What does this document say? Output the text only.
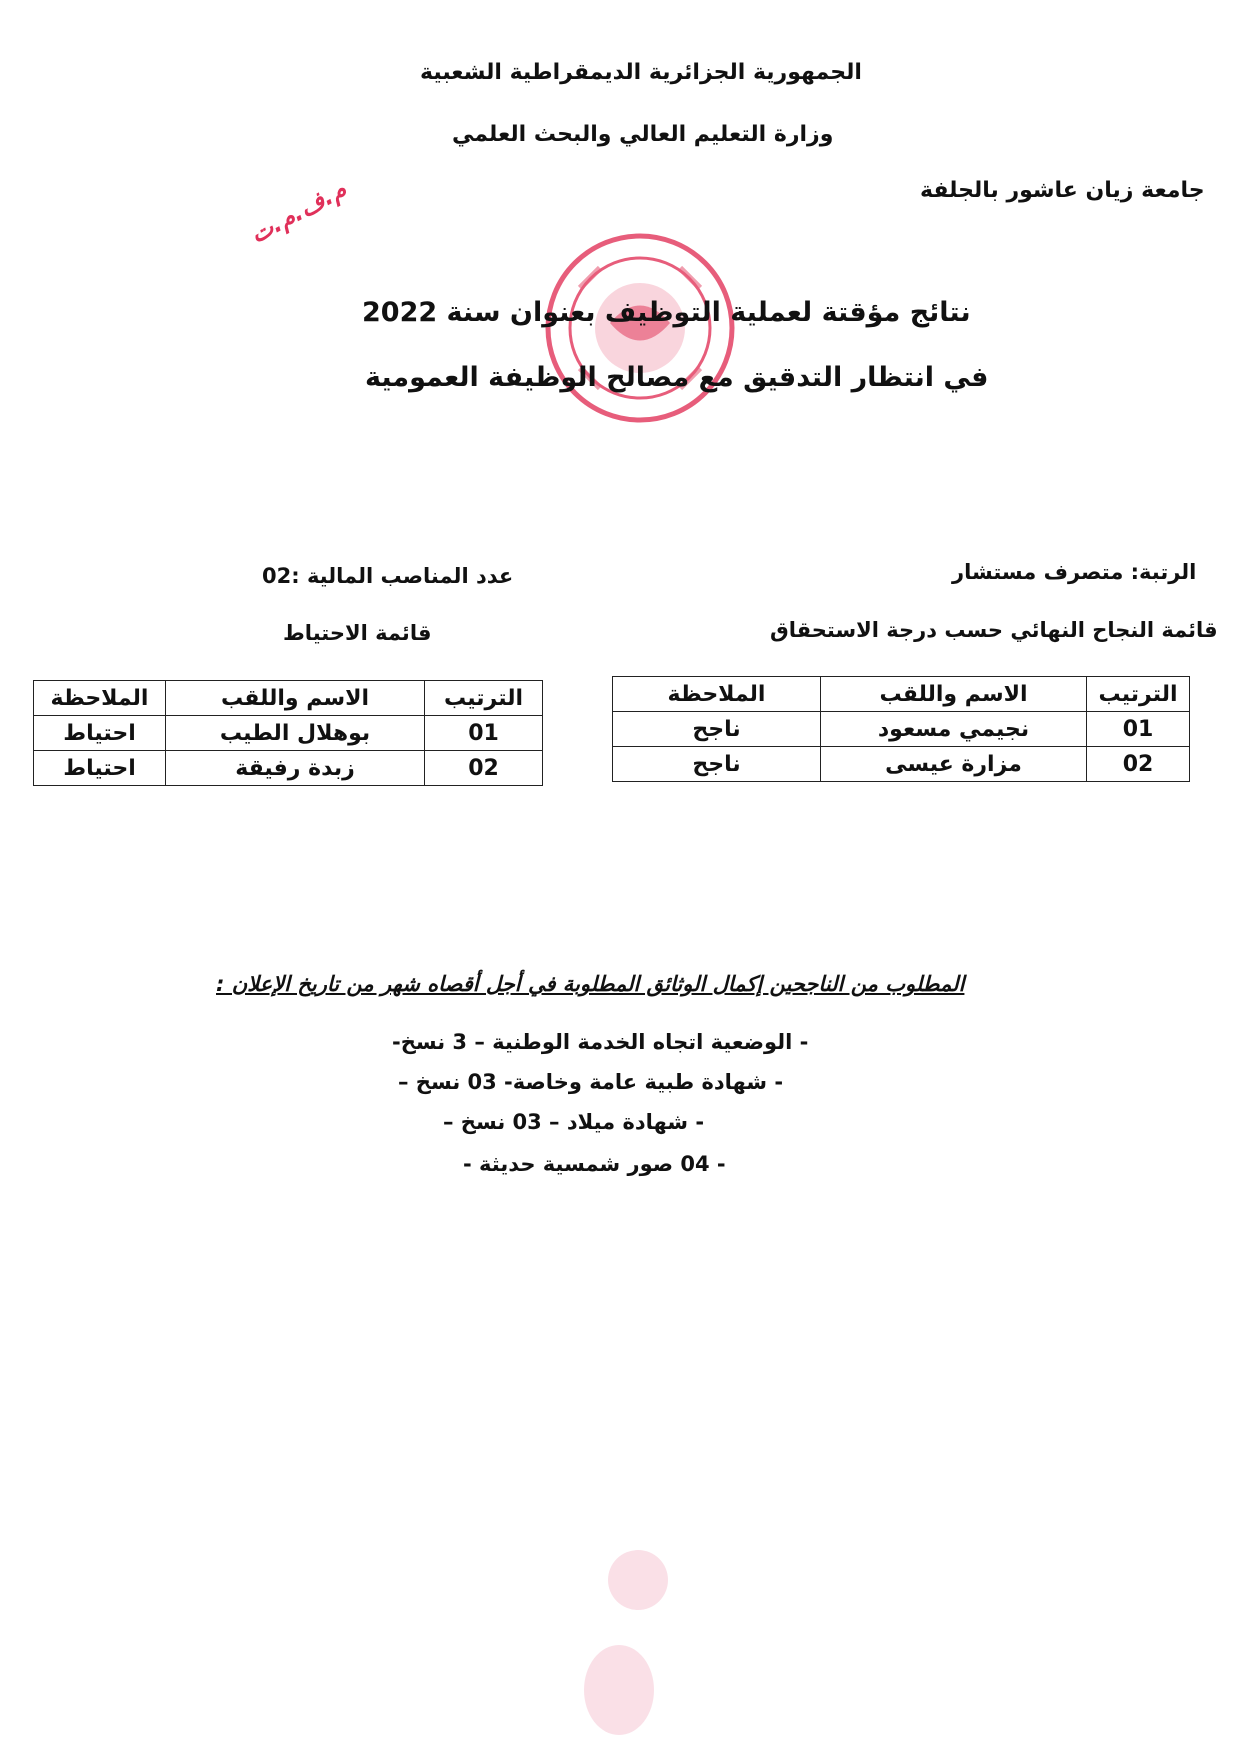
الجمهورية الجزائرية الديمقراطية الشعبية
وزارة التعليم العالي والبحث العلمي
جامعة زيان عاشور بالجلفة
م.ف.م.ت
نتائج مؤقتة لعملية التوظيف بعنوان سنة 2022
في انتظار التدقيق مع مصالح الوظيفة العمومية
الرتبة: متصرف مستشار
عدد المناصب المالية :02
قائمة النجاح النهائي حسب درجة الاستحقاق
قائمة الاحتياط
الترتيب	الاسم واللقب	الملاحظة
01	نجيمي مسعود	ناجح
02	مزارة عيسى	ناجح
الترتيب	الاسم واللقب	الملاحظة
01	بوهلال الطيب	احتياط
02	زبدة رفيقة	احتياط
المطلوب من الناجحين إكمال الوثائق المطلوبة في أجل أقصاه شهر من تاريخ الإعلان :
- الوضعية اتجاه الخدمة الوطنية – 3 نسخ-
- شهادة طبية عامة وخاصة- 03 نسخ –
- شهادة ميلاد – 03 نسخ –
- 04 صور شمسية حديثة -
